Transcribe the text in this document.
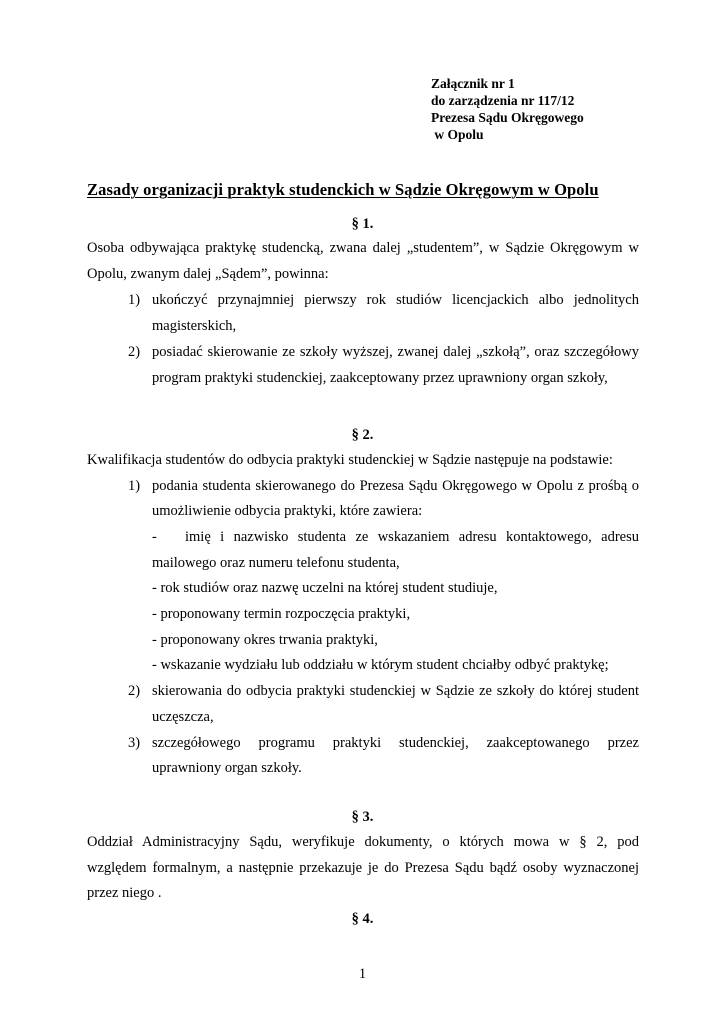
Załącznik nr 1
do zarządzenia nr 117/12
Prezesa Sądu Okręgowego
w Opolu
Zasady organizacji praktyk studenckich w Sądzie Okręgowym w Opolu
§ 1.
Osoba odbywająca praktykę studencką, zwana dalej „studentem”, w Sądzie Okręgowym w
Opolu, zwanym dalej „Sądem”, powinna:
1) ukończyć przynajmniej pierwszy rok studiów licencjackich albo jednolitych
magisterskich,
2) posiadać skierowanie ze szkoły wyższej, zwanej dalej „szkołą”, oraz szczegółowy
program praktyki studenckiej, zaakceptowany przez uprawniony organ szkoły,
§ 2.
Kwalifikacja studentów do odbycia praktyki studenckiej w Sądzie następuje na podstawie:
1) podania studenta skierowanego do Prezesa Sądu Okręgowego w Opolu z prośbą o
umożliwienie odbycia praktyki, które zawiera:
-   imię i nazwisko studenta ze wskazaniem adresu kontaktowego, adresu
mailowego oraz numeru telefonu studenta,
- rok studiów oraz nazwę uczelni na której student studiuje,
- proponowany termin rozpoczęcia praktyki,
- proponowany okres trwania praktyki,
- wskazanie wydziału lub oddziału w którym student chciałby odbyć praktykę;
2) skierowania do odbycia praktyki studenckiej w Sądzie ze szkoły do której student
uczęszcza,
3) szczegółowego programu praktyki studenckiej, zaakceptowanego przez
uprawniony organ szkoły.
§ 3.
Oddział Administracyjny Sądu, weryfikuje dokumenty, o których mowa w § 2, pod
względem formalnym, a następnie przekazuje je do Prezesa Sądu bądź osoby wyznaczonej
przez niego .
§ 4.
1
